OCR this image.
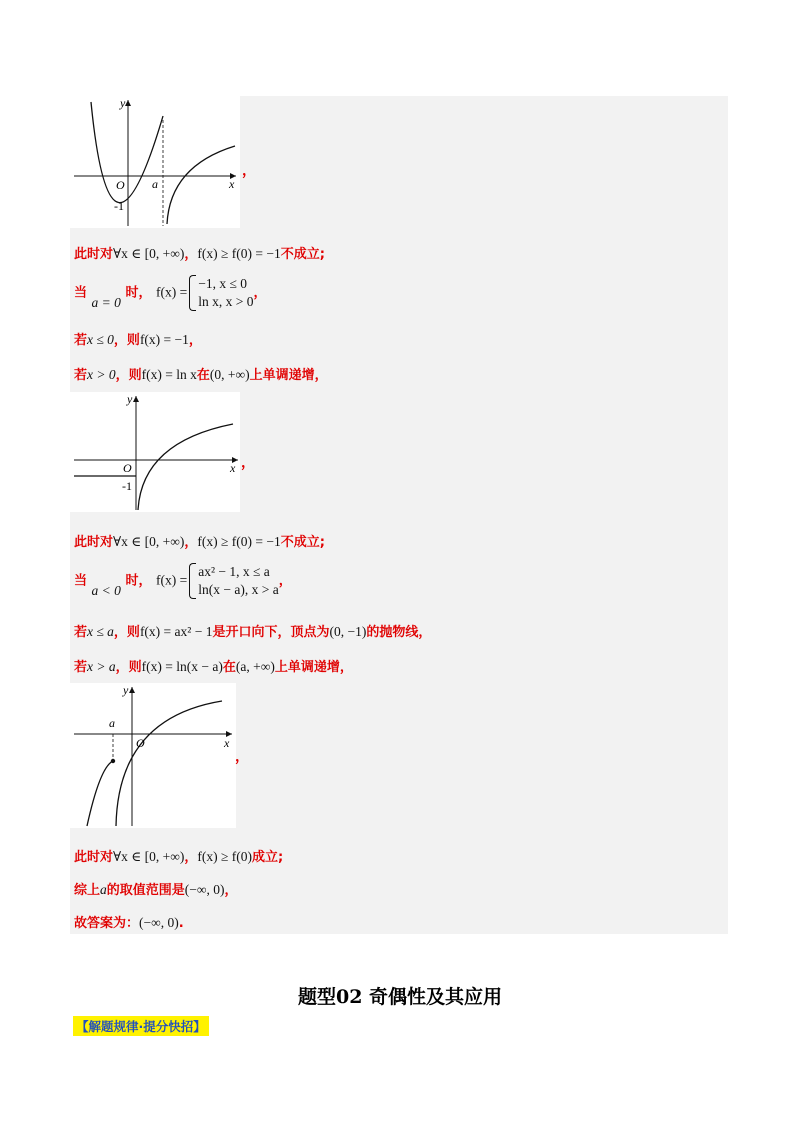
y
x
O a
-1
，
此时对∀x ∈ [0, +∞)，f(x) ≥ f(0) = −1不成立;
当 a = 0 时， f(x) =
−1, x ≤ 0
ln x, x > 0
，
若x ≤ 0，则f(x) = −1，
若x > 0，则f(x) = ln x在(0, +∞)上单调递增，
y
x
O
-1
，
此时对∀x ∈ [0, +∞)，f(x) ≥ f(0) = −1不成立;
当 a < 0 时， f(x) =
ax² − 1, x ≤ a
ln(x − a), x > a
，
若x ≤ a，则f(x) = ax² − 1是开口向下，顶点为(0, −1)的抛物线，
若x > a，则f(x) = ln(x − a)在(a, +∞)上单调递增，
y
x
O
a
，
此时对∀x ∈ [0, +∞)，f(x) ≥ f(0)成立;
综上a的取值范围是(−∞, 0)，
故答案为：(−∞, 0).
题型02 奇偶性及其应用
【解题规律·提分快招】
